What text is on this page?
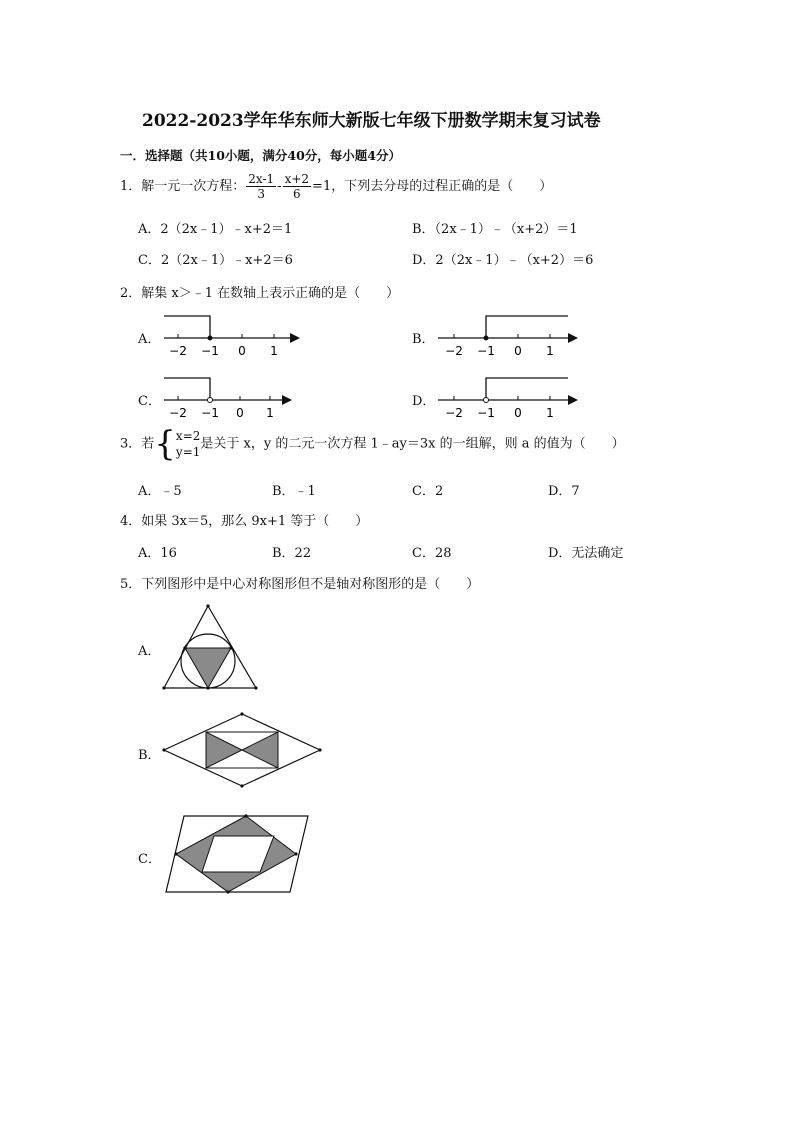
2022-2023学年华东师大新版七年级下册数学期末复习试卷
一．选择题（共10小题，满分40分，每小题4分）
1．解一元一次方程： $\frac{2x-1}{3} - \frac{x+2}{6} =1$，下列去分母的过程正确的是（　　）
A．2（2x﹣1）﹣x+2＝1	B．（2x﹣1）﹣（x+2）＝1
C．2（2x﹣1）﹣x+2＝6	D．2（2x﹣1）﹣（x+2）＝6
2．解集 x＞﹣1 在数轴上表示正确的是（　　）
A．
−2 −1 0 1
B．
−2 −1 0 1
C．
−2 −1 0 1
D．
−2 −1 0 1
3．若{ x=2
y=1
是关于 x，y 的二元一次方程 1﹣ay＝3x 的一组解，则 a 的值为（　　）
A．﹣5	B．﹣1	C．2	D．7
4．如果 3x＝5，那么 9x+1 等于（　　）
A．16	B．22	C．28	D．无法确定
5．下列图形中是中心对称图形但不是轴对称图形的是（　　）
A．
B．
C．
